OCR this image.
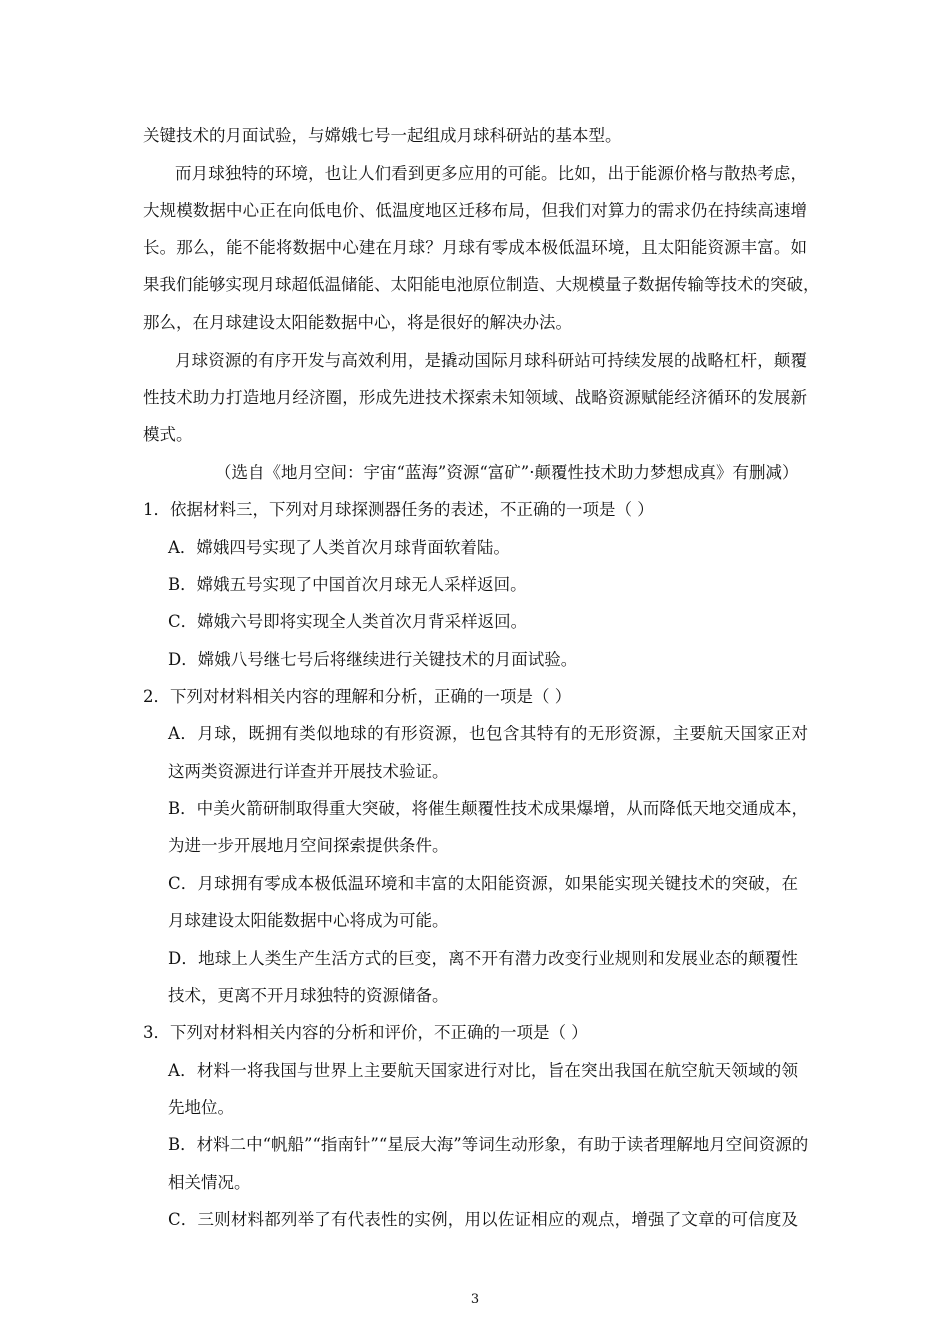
关键技术的月面试验，与嫦娥七号一起组成月球科研站的基本型。
而月球独特的环境，也让人们看到更多应用的可能。比如，出于能源价格与散热考虑，
大规模数据中心正在向低电价、低温度地区迁移布局，但我们对算力的需求仍在持续高速增
长。那么，能不能将数据中心建在月球？月球有零成本极低温环境，且太阳能资源丰富。如
果我们能够实现月球超低温储能、太阳能电池原位制造、大规模量子数据传输等技术的突破，
那么，在月球建设太阳能数据中心，将是很好的解决办法。
月球资源的有序开发与高效利用，是撬动国际月球科研站可持续发展的战略杠杆，颠覆
性技术助力打造地月经济圈，形成先进技术探索未知领域、战略资源赋能经济循环的发展新
模式。
（选自《地月空间：宇宙“蓝海”资源“富矿”·颠覆性技术助力梦想成真》有删减）
1．依据材料三，下列对月球探测器任务的表述，不正确的一项是（ ）
A．嫦娥四号实现了人类首次月球背面软着陆。
B．嫦娥五号实现了中国首次月球无人采样返回。
C．嫦娥六号即将实现全人类首次月背采样返回。
D．嫦娥八号继七号后将继续进行关键技术的月面试验。
2．下列对材料相关内容的理解和分析，正确的一项是（ ）
A．月球，既拥有类似地球的有形资源，也包含其特有的无形资源，主要航天国家正对
这两类资源进行详查并开展技术验证。
B．中美火箭研制取得重大突破，将催生颠覆性技术成果爆增，从而降低天地交通成本，
为进一步开展地月空间探索提供条件。
C．月球拥有零成本极低温环境和丰富的太阳能资源，如果能实现关键技术的突破，在
月球建设太阳能数据中心将成为可能。
D．地球上人类生产生活方式的巨变，离不开有潜力改变行业规则和发展业态的颠覆性
技术，更离不开月球独特的资源储备。
3．下列对材料相关内容的分析和评价，不正确的一项是（ ）
A．材料一将我国与世界上主要航天国家进行对比，旨在突出我国在航空航天领域的领
先地位。
B．材料二中“帆船”“指南针”“星辰大海”等词生动形象，有助于读者理解地月空间资源的
相关情况。
C．三则材料都列举了有代表性的实例，用以佐证相应的观点，增强了文章的可信度及
3
